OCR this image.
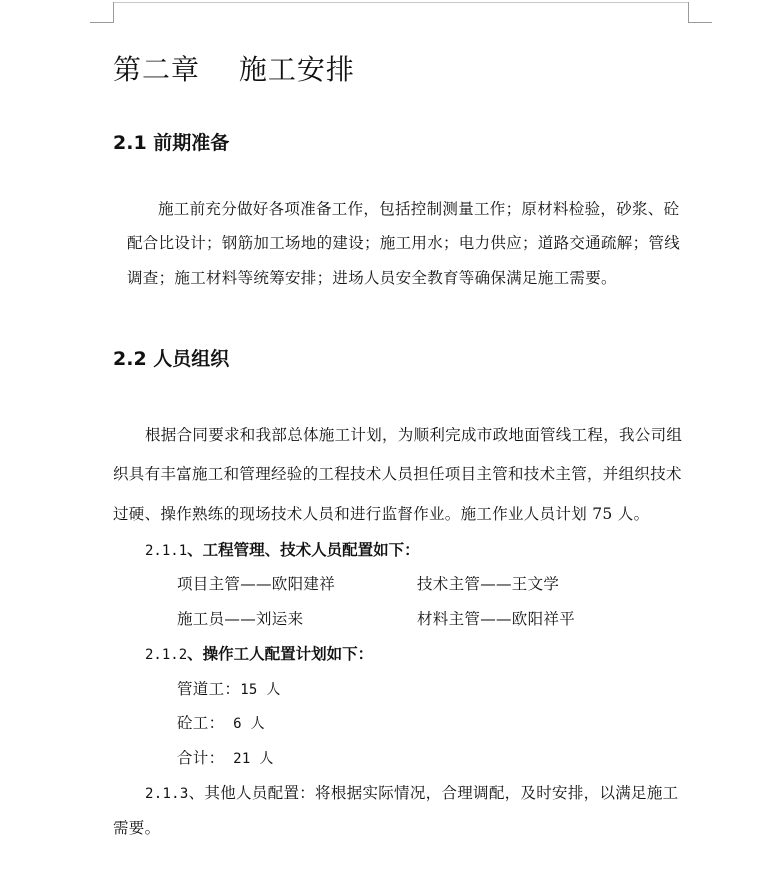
第二章　 施工安排
2.1 前期准备
施工前充分做好各项准备工作，包括控制测量工作；原材料检验，砂浆、砼
配合比设计；钢筋加工场地的建设；施工用水；电力供应；道路交通疏解；管线
调查；施工材料等统筹安排；进场人员安全教育等确保满足施工需要。
2.2 人员组织
根据合同要求和我部总体施工计划，为顺利完成市政地面管线工程，我公司组
织具有丰富施工和管理经验的工程技术人员担任项目主管和技术主管，并组织技术
过硬、操作熟练的现场技术人员和进行监督作业。施工作业人员计划 75 人。
2.1.1、工程管理、技术人员配置如下：
项目主管——欧阳建祥	技术主管——王文学
施工员——刘运来	材料主管——欧阳祥平
2.1.2、操作工人配置计划如下：
管道工：15 人
砼工： 6 人
合计： 21 人
2.1.3、其他人员配置：将根据实际情况，合理调配，及时安排，以满足施工
需要。
